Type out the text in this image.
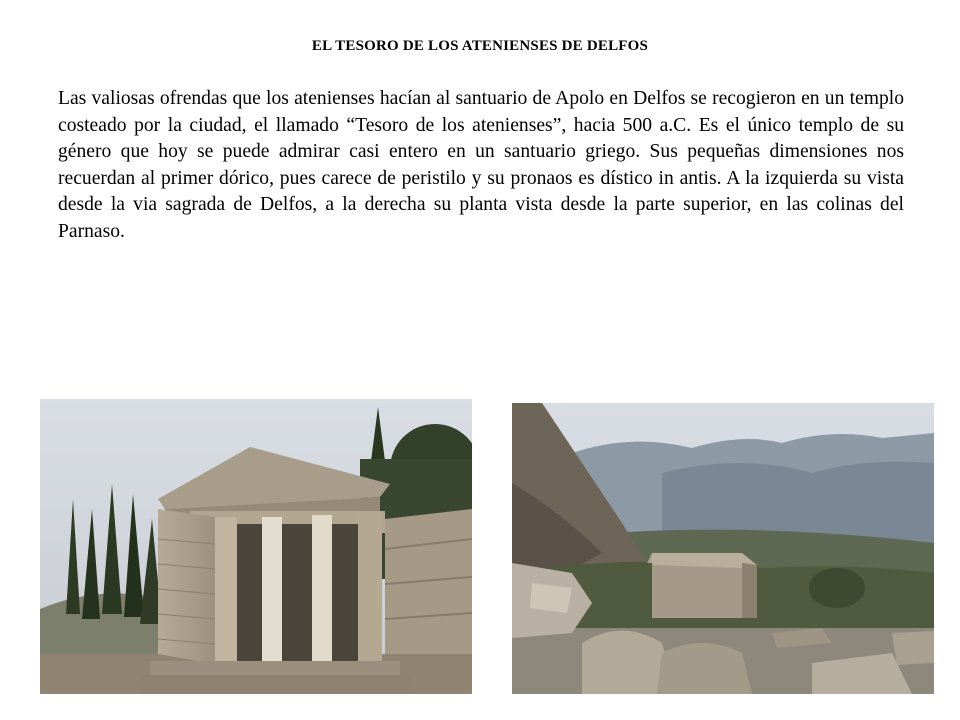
EL TESORO DE LOS ATENIENSES DE DELFOS

Las valiosas ofrendas que los atenienses hacían al santuario de Apolo en Delfos se recogieron en un templo costeado por la ciudad, el llamado “Tesoro de los atenienses”, hacia 500 a.C. Es el único templo de su género que hoy se puede admirar casi entero en un santuario griego. Sus pequeñas dimensiones nos recuerdan al primer dórico, pues carece de peristilo y su pronaos es dístico in antis. A la izquierda su vista desde la via sagrada de Delfos, a la derecha su planta vista desde la parte superior, en las colinas del Parnaso.
